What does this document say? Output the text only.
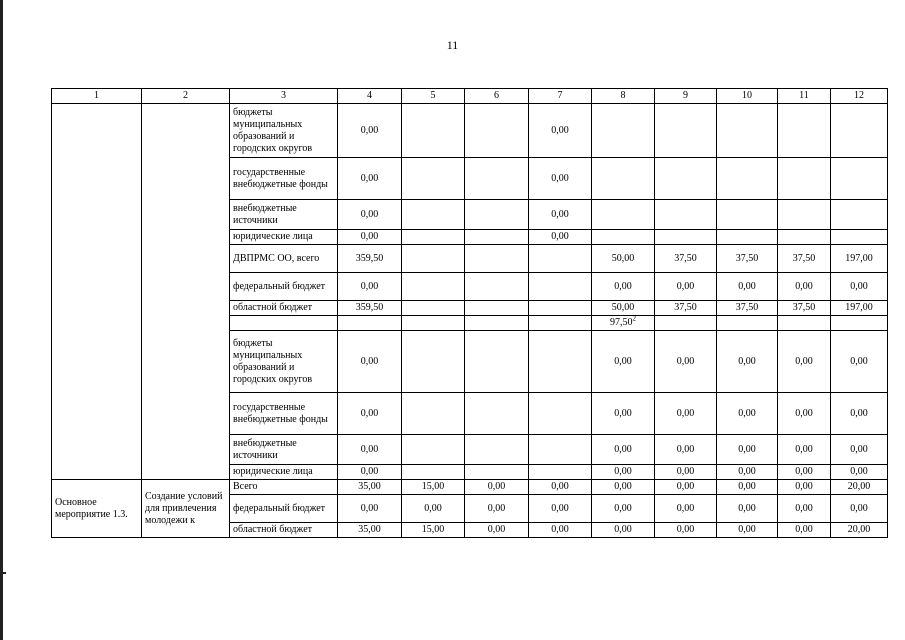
11
1	2	3	4	5	6	7	8	9	10	11	12
		бюджеты муниципальных образований и городских округов	0,00			0,00					
		государственные внебюджетные фонды	0,00			0,00					
		внебюджетные источники	0,00			0,00					
		юридические лица	0,00			0,00					
		ДВПРМС ОО, всего	359,50				50,00	37,50	37,50	37,50	197,00
		федеральный бюджет	0,00				0,00	0,00	0,00	0,00	0,00
		областной бюджет	359,50				50,00	37,50	37,50	37,50	197,00
							97,50$^2$				
		бюджеты муниципальных образований и городских округов	0,00				0,00	0,00	0,00	0,00	0,00
		государственные внебюджетные фонды	0,00				0,00	0,00	0,00	0,00	0,00
		внебюджетные источники	0,00				0,00	0,00	0,00	0,00	0,00
		юридические лица	0,00				0,00	0,00	0,00	0,00	0,00
Основное мероприятие 1.3.	Создание условий для привлечения молодежи к	Всего	35,00	15,00	0,00	0,00	0,00	0,00	0,00	0,00	20,00
		федеральный бюджет	0,00	0,00	0,00	0,00	0,00	0,00	0,00	0,00	0,00
		областной бюджет	35,00	15,00	0,00	0,00	0,00	0,00	0,00	0,00	20,00
